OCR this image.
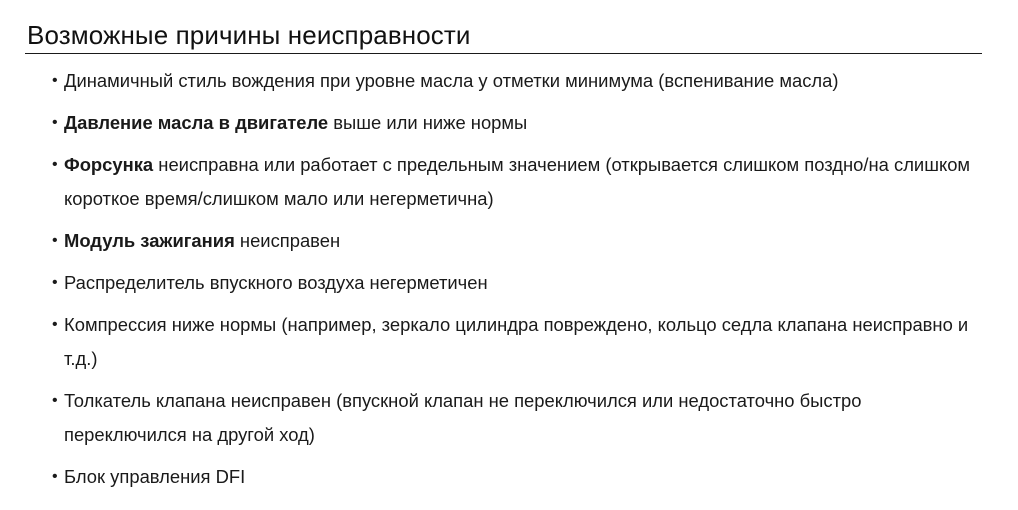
Возможные причины неисправности
• Динамичный стиль вождения при уровне масла у отметки минимума (вспенивание масла)
• Давление масла в двигателе выше или ниже нормы
• Форсунка неисправна или работает с предельным значением (открывается слишком поздно/на слишком короткое время/слишком мало или негерметична)
• Модуль зажигания неисправен
• Распределитель впускного воздуха негерметичен
• Компрессия ниже нормы (например, зеркало цилиндра повреждено, кольцо седла клапана неисправно и т.д.)
• Толкатель клапана неисправен (впускной клапан не переключился или недостаточно быстро переключился на другой ход)
• Блок управления DFI
